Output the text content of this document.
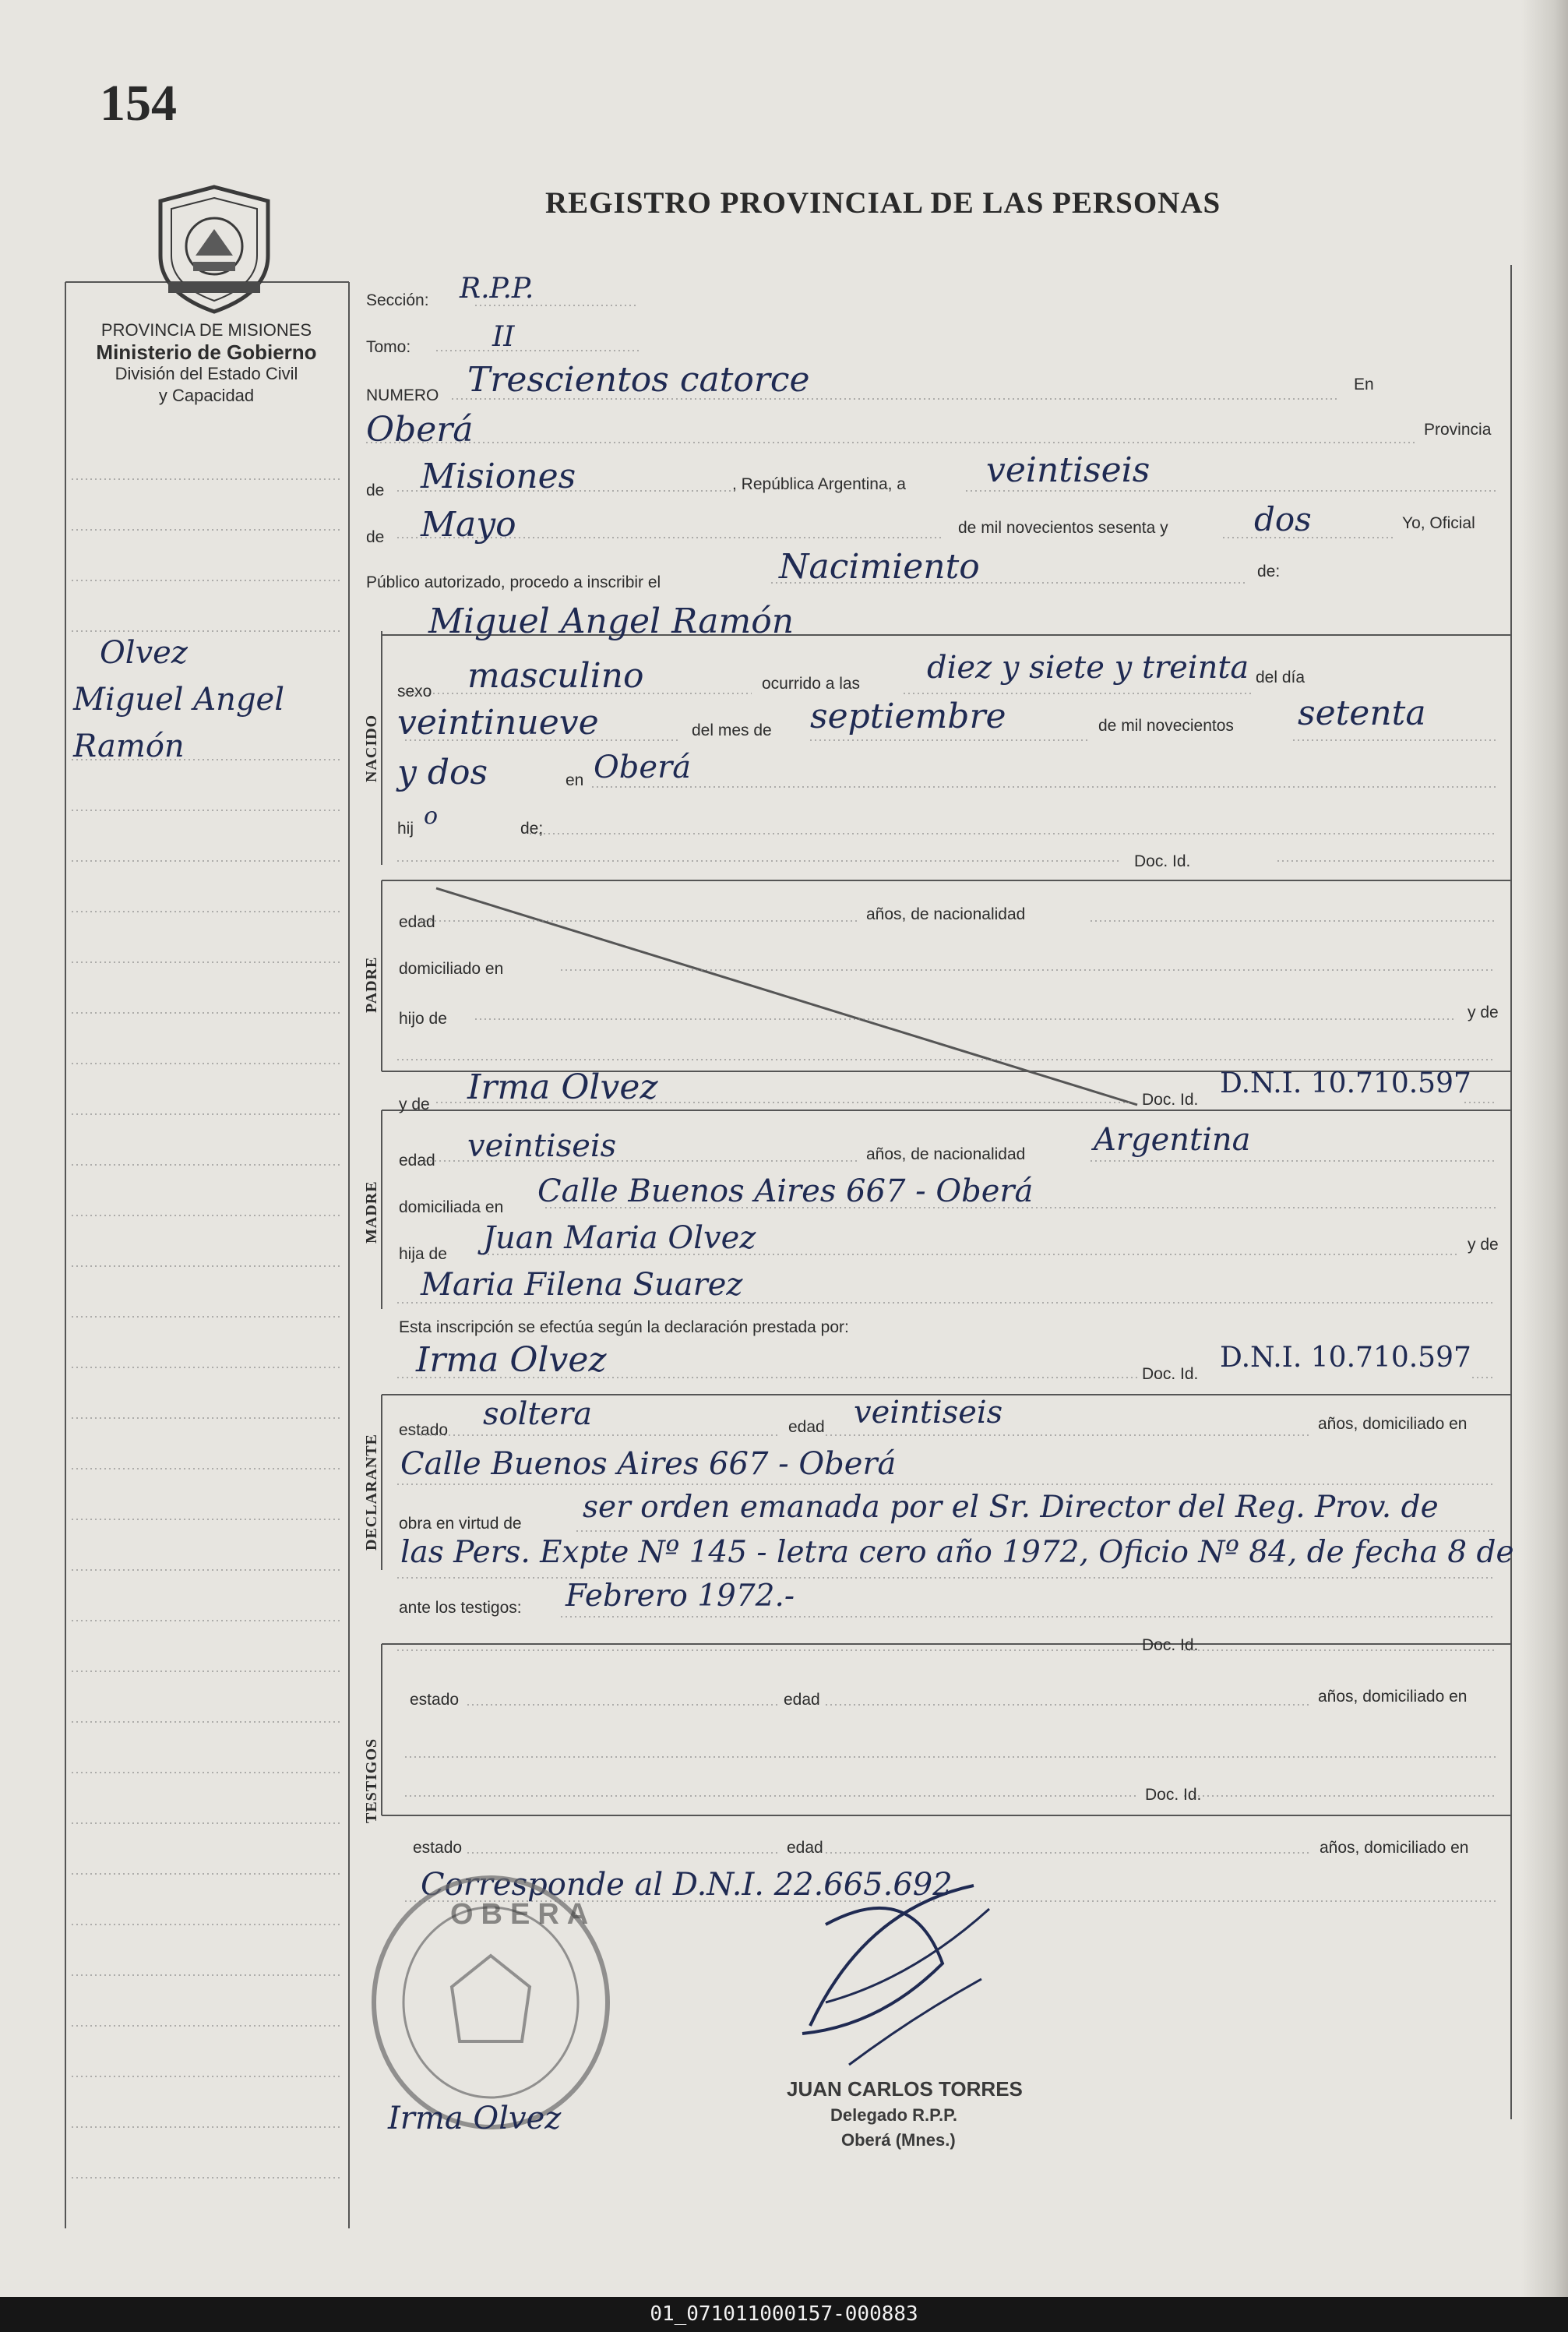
154
REGISTRO PROVINCIAL DE LAS PERSONAS
PROVINCIA DE MISIONES
Ministerio de Gobierno
División del Estado Civil
y Capacidad
Olvez
Miguel Angel
Ramón
Sección: R.P.P.
Tomo:	II
NUMERO Trescientos catorce	En
Oberá	Provincia
de Misiones	, República Argentina, a veintiseis
de Mayo	de mil novecientos sesenta y	dos	Yo, Oficial
Público autorizado, procedo a inscribir el	Nacimiento	de:
Miguel Angel Ramón
NACIDO
sexo masculino	ocurrido a las diez y siete y treinta del día
veintinueve	del mes de septiembre	de mil novecientos setenta
y dos	en Oberá
hij o	de;
Doc. Id.
PADRE
edad	años, de nacionalidad
domiciliado en
hijo de	y de
y de Irma Olvez	Doc. Id.
D.N.I. 10.710.597
MADRE
edad veintiseis	años, de nacionalidad Argentina
domiciliada en Calle Buenos Aires 667 - Oberá
hija de Juan Maria Olvez	y de
Maria Filena Suarez
Esta inscripción se efectúa según la declaración prestada por:
Irma Olvez	Doc. Id.
D.N.I. 10.710.597
DECLARANTE
estado soltera	edad veintiseis	años, domiciliado en
Calle Buenos Aires 667 - Oberá
obra en virtud de ser orden emanada por el Sr. Director del Reg. Prov. de
las Pers. Expte Nº 145 - letra cero año 1972, Oficio Nº 84, de fecha 8 de
ante los testigos: Febrero 1972.-
Doc. Id.
TESTIGOS
estado	edad	años, domiciliado en
Doc. Id.
estado	edad	años, domiciliado en
Corresponde al D.N.I. 22.665.692
OBERA
JUAN CARLOS TORRES
Delegado R.P.P.
Oberá (Mnes.)
Irma Olvez
01_071011000157-000883
